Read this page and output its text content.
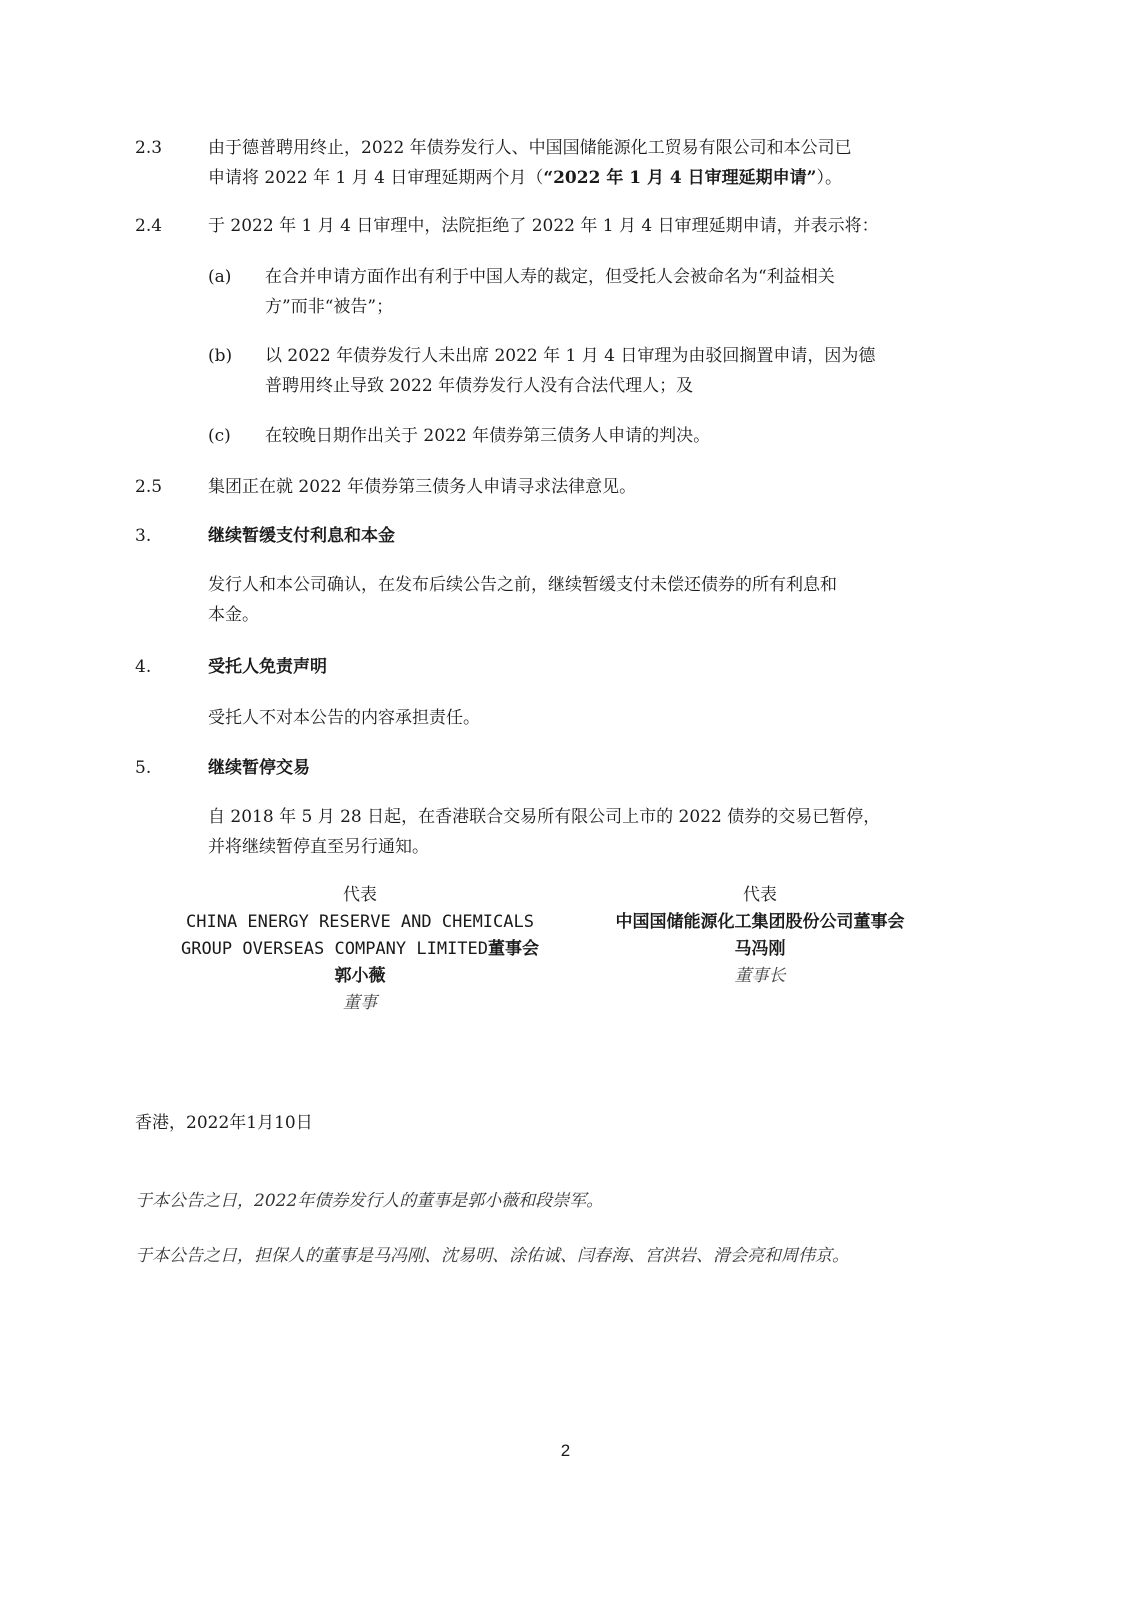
2.3	由于德普聘用终止，2022 年债券发行人、中国国储能源化工贸易有限公司和本公司已
申请将 2022 年 1 月 4 日审理延期两个月（“2022 年 1 月 4 日审理延期申请”）。
2.4	于 2022 年 1 月 4 日审理中，法院拒绝了 2022 年 1 月 4 日审理延期申请，并表示将：
(a)	在合并申请方面作出有利于中国人寿的裁定，但受托人会被命名为“利益相关
方”而非“被告”；
(b)	以 2022 年债券发行人未出席 2022 年 1 月 4 日审理为由驳回搁置申请，因为德
普聘用终止导致 2022 年债券发行人没有合法代理人；及
(c)	在较晚日期作出关于 2022 年债券第三债务人申请的判决。
2.5	集团正在就 2022 年债券第三债务人申请寻求法律意见。
3.	继续暂缓支付利息和本金
发行人和本公司确认，在发布后续公告之前，继续暂缓支付未偿还债券的所有利息和
本金。
4.	受托人免责声明
受托人不对本公告的内容承担责任。
5.	继续暂停交易
自 2018 年 5 月 28 日起，在香港联合交易所有限公司上市的 2022 债券的交易已暂停，
并将继续暂停直至另行通知。
代表
CHINA ENERGY RESERVE AND CHEMICALS
GROUP OVERSEAS COMPANY LIMITED董事会
郭小薇
董事
代表
中国国储能源化工集团股份公司董事会
马冯刚
董事长
香港，2022年1月10日
于本公告之日，2022年债券发行人的董事是郭小薇和段崇军。
于本公告之日，担保人的董事是马冯刚、沈易明、涂佑诚、闫春海、宫洪岩、滑会亮和周伟京。
2
